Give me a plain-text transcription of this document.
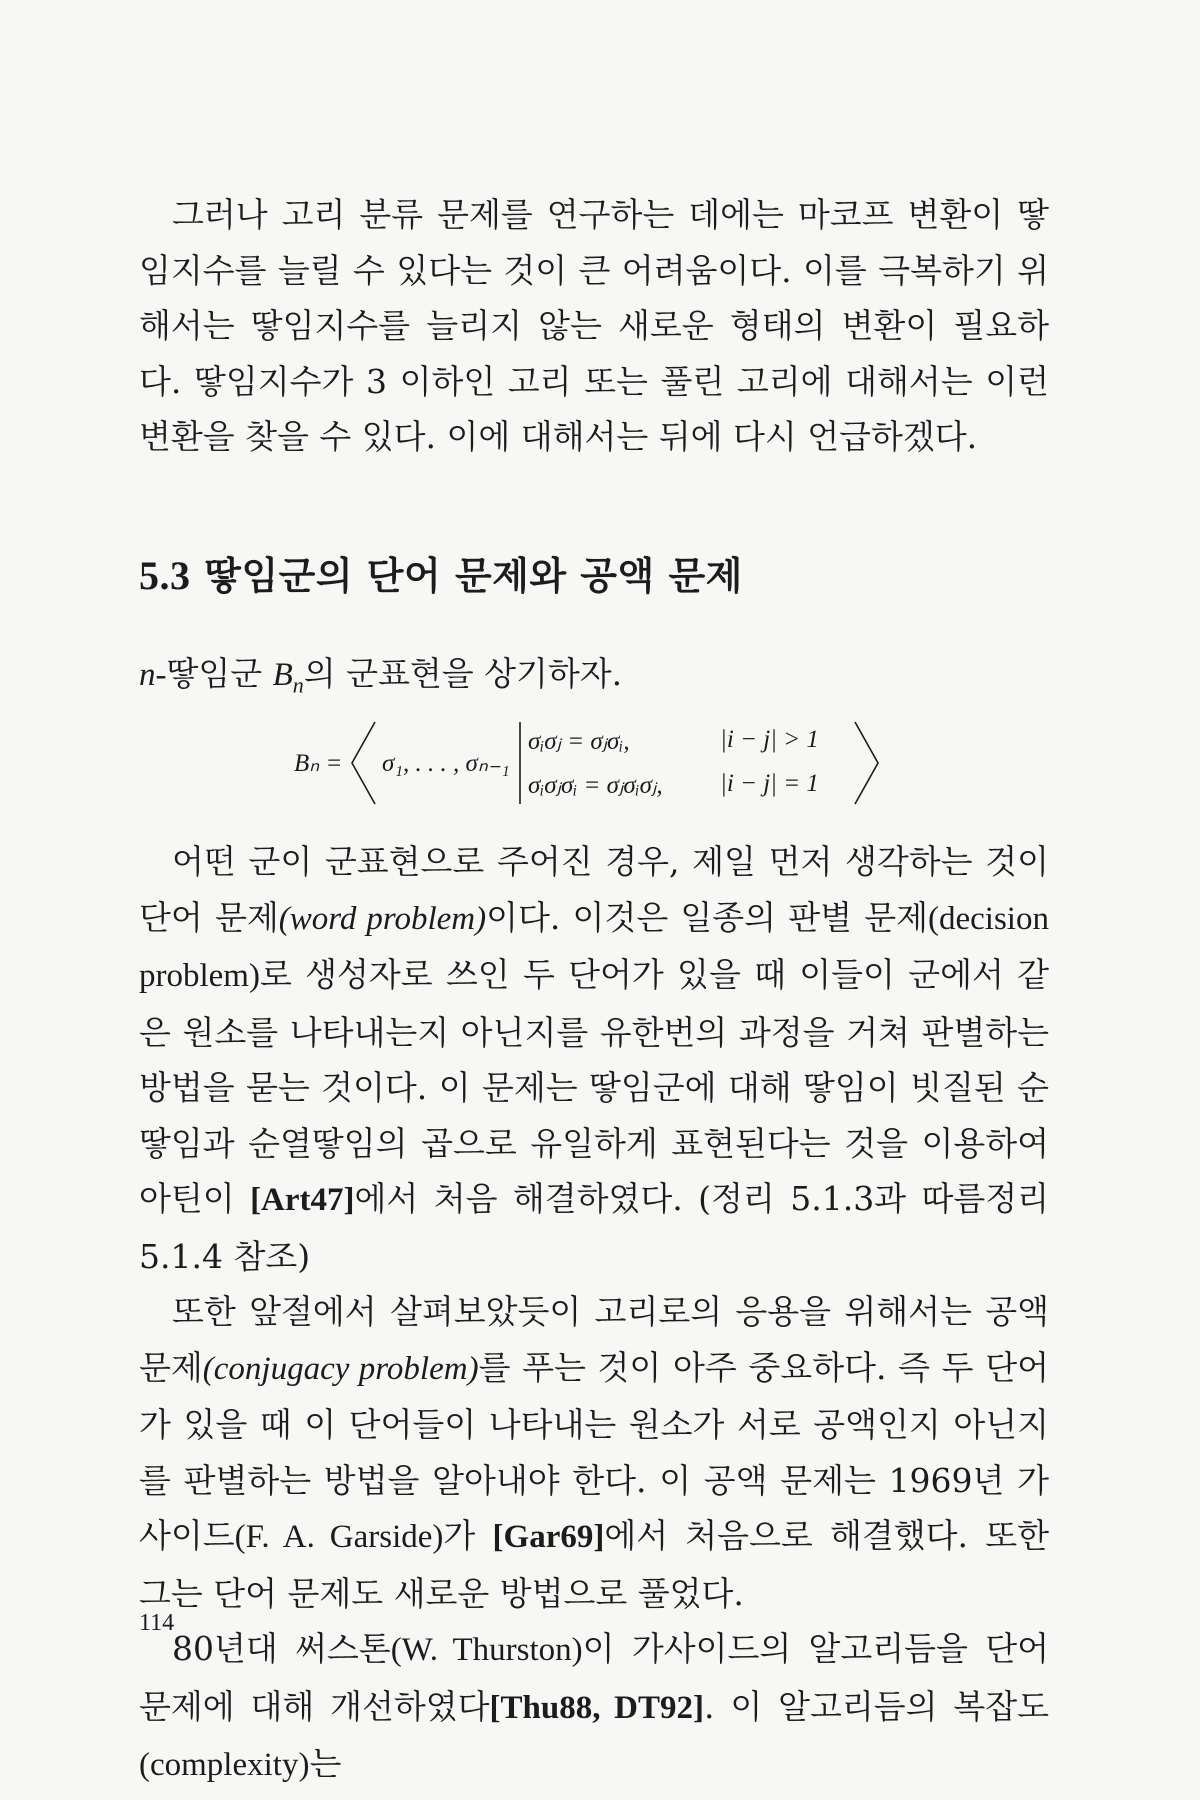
그러나 고리 분류 문제를 연구하는 데에는 마코프 변환이 땋임지수를 늘릴 수 있다는 것이 큰 어려움이다. 이를 극복하기 위해서는 땋임지수를 늘리지 않는 새로운 형태의 변환이 필요하다. 땋임지수가 3 이하인 고리 또는 풀린 고리에 대해서는 이런 변환을 찾을 수 있다. 이에 대해서는 뒤에 다시 언급하겠다.

5.3 땋임군의 단어 문제와 공액 문제
n-땋임군 $B_n$의 군표현을 상기하자.
Bₙ = σ₁, . . . , σₙ₋₁
σᵢσⱼ = σⱼσᵢ,	|i − j| > 1
σᵢσⱼσᵢ = σⱼσᵢσⱼ, |i − j| = 1

어떤 군이 군표현으로 주어진 경우, 제일 먼저 생각하는 것이 단어 문제(word problem)이다. 이것은 일종의 판별 문제(decision problem)로 생성자로 쓰인 두 단어가 있을 때 이들이 군에서 같은 원소를 나타내는지 아닌지를 유한번의 과정을 거쳐 판별하는 방법을 묻는 것이다. 이 문제는 땋임군에 대해 땋임이 빗질된 순땋임과 순열땋임의 곱으로 유일하게 표현된다는 것을 이용하여 아틴이 [Art47]에서 처음 해결하였다. (정리 5.1.3과 따름정리 5.1.4 참조)

또한 앞절에서 살펴보았듯이 고리로의 응용을 위해서는 공액 문제(conjugacy problem)를 푸는 것이 아주 중요하다. 즉 두 단어가 있을 때 이 단어들이 나타내는 원소가 서로 공액인지 아닌지를 판별하는 방법을 알아내야 한다. 이 공액 문제는 1969년 가사이드(F. A. Garside)가 [Gar69]에서 처음으로 해결했다. 또한 그는 단어 문제도 새로운 방법으로 풀었다.

80년대 써스톤(W. Thurston)이 가사이드의 알고리듬을 단어 문제에 대해 개선하였다[Thu88, DT92]. 이 알고리듬의 복잡도(complexity)는

114
